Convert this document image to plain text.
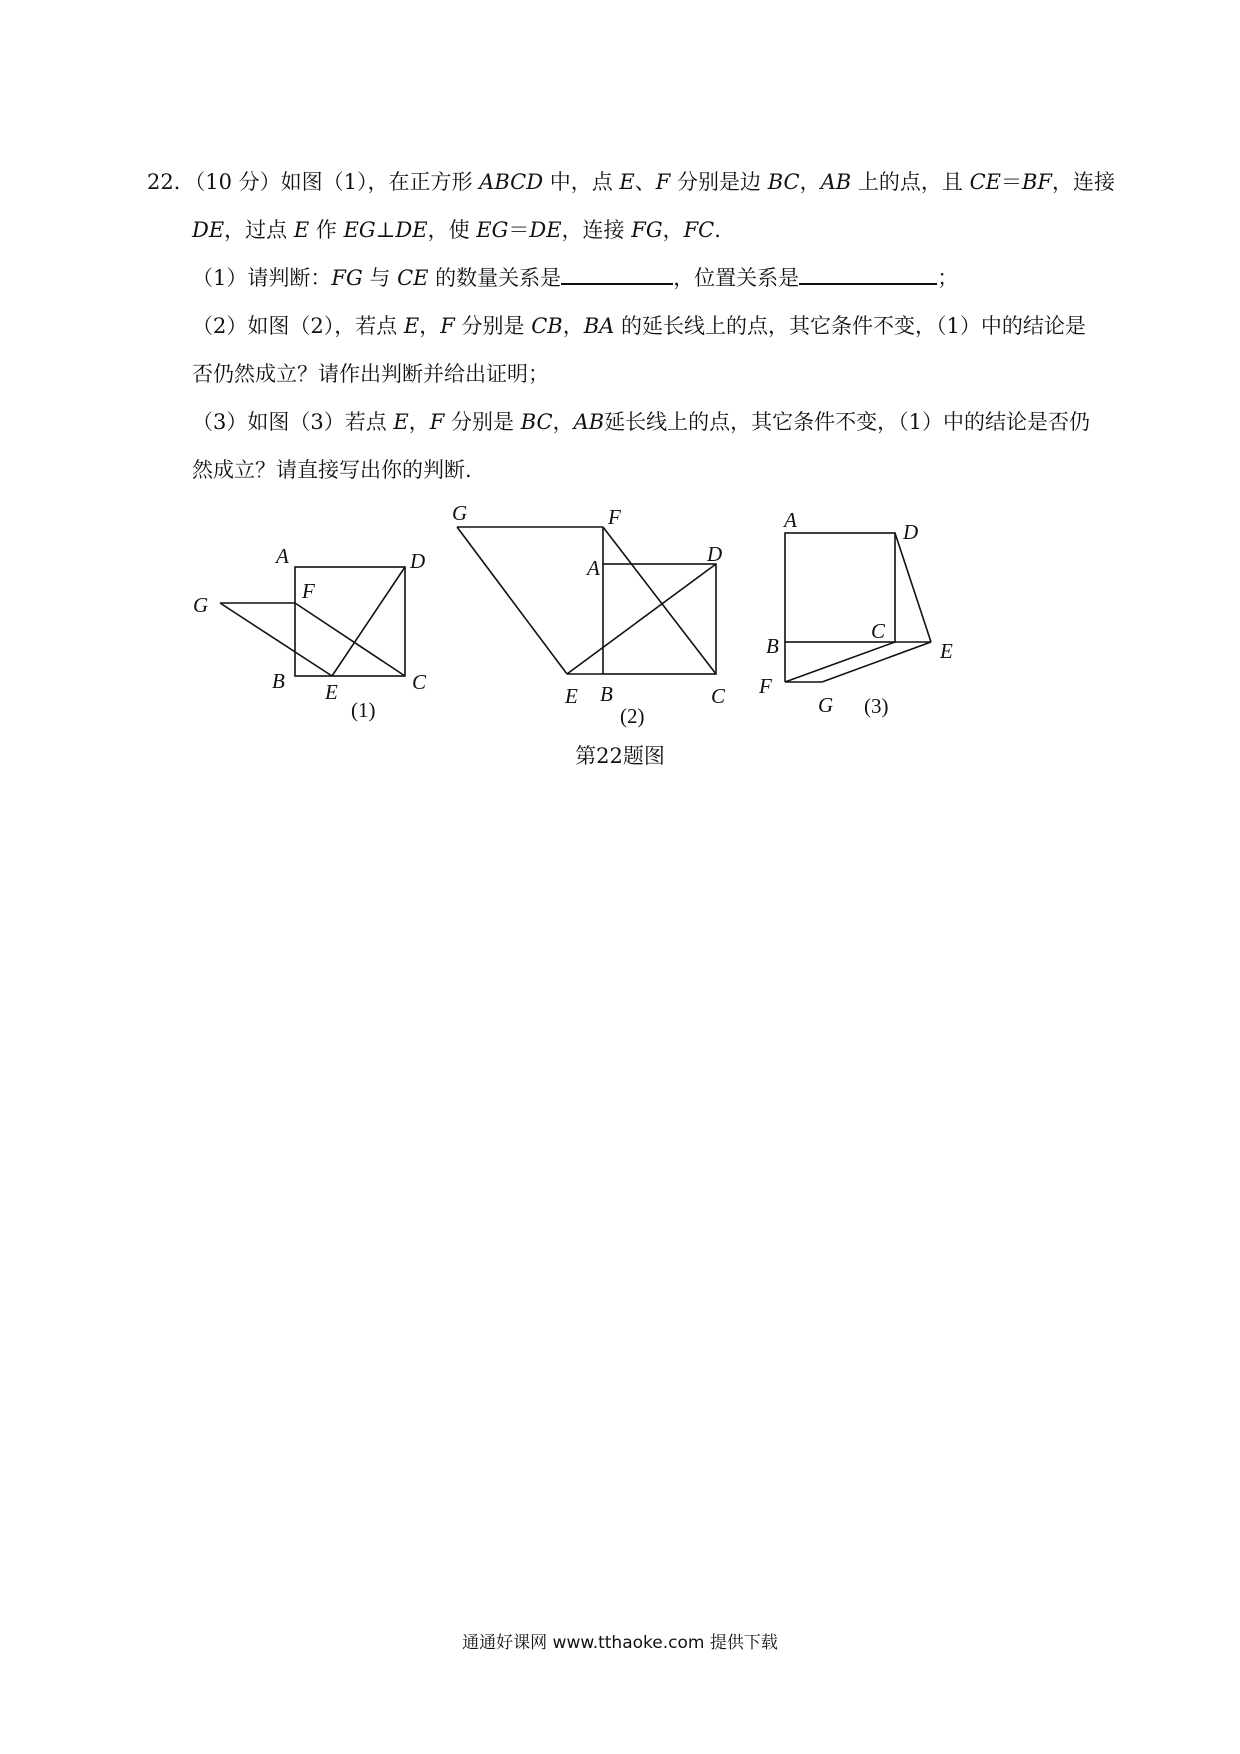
22．（10 分）如图（1），在正方形 ABCD 中，点 E、F 分别是边 BC，AB 上的点，且 CE＝BF，连接
DE，过点 E 作 EG⊥DE，使 EG＝DE，连接 FG，FC.
（1）请判断：FG 与 CE 的数量关系是	，位置关系是	；
（2）如图（2），若点 E，F 分别是 CB，BA 的延长线上的点，其它条件不变，（1）中的结论是
否仍然成立？请作出判断并给出证明；
（3）如图（3）若点 E，F 分别是 BC，AB延长线上的点，其它条件不变，（1）中的结论是否仍
然成立？请直接写出你的判断.
A	D
F
G
B E	C
(1)
G	F
A
D
E B	C
(2)
A	D
C
B	E
F
G (3)
第22题图
通通好课网 www.tthaoke.com 提供下载
